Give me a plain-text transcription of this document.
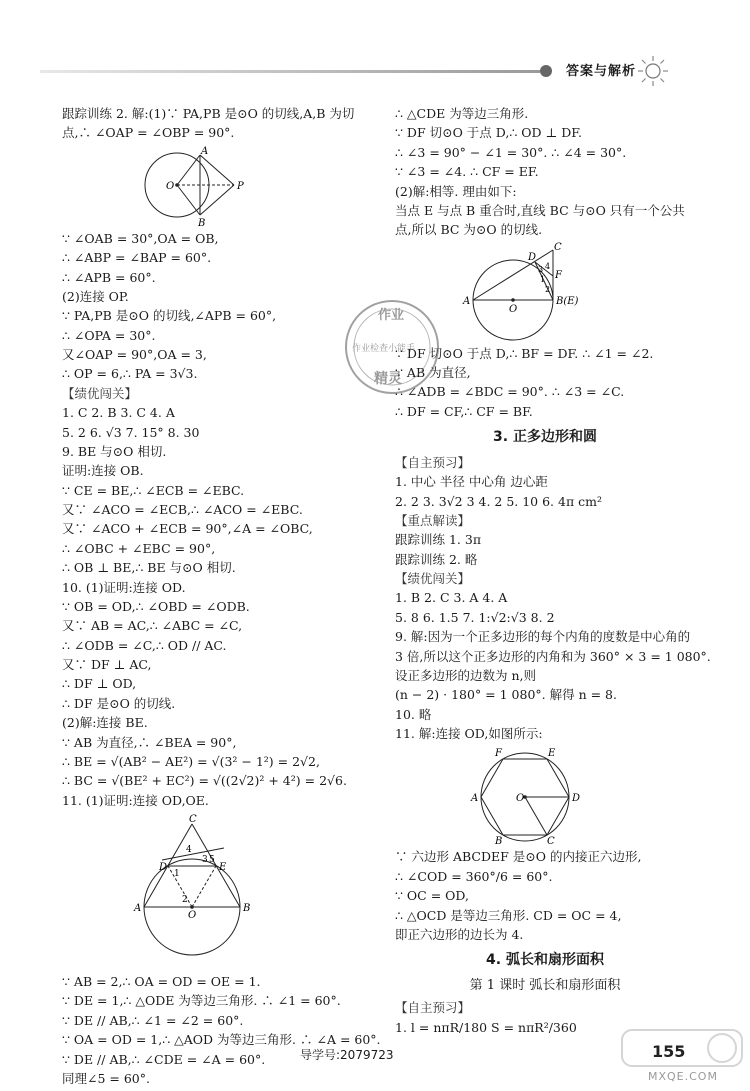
答案与解析
跟踪训练 2. 解:(1)∵ PA,PB 是⊙O 的切线,A,B 为切
点,∴ ∠OAP = ∠OBP = 90°.
A
O	P
B
∵ ∠OAB = 30°,OA = OB,
∴ ∠ABP = ∠BAP = 60°.
∴ ∠APB = 60°.
(2)连接 OP.
∵ PA,PB 是⊙O 的切线,∠APB = 60°,
∴ ∠OPA = 30°.
又∠OAP = 90°,OA = 3,
∴ OP = 6,∴ PA = 3√3.
【绩优闯关】
1. C 2. B 3. C 4. A
5. 2 6. √3 7. 15° 8. 30
9. BE 与⊙O 相切.
证明:连接 OB.
∵ CE = BE,∴ ∠ECB = ∠EBC.
又∵ ∠ACO = ∠ECB,∴ ∠ACO = ∠EBC.
又∵ ∠ACO + ∠ECB = 90°,∠A = ∠OBC,
∴ ∠OBC + ∠EBC = 90°,
∴ OB ⊥ BE,∴ BE 与⊙O 相切.
10. (1)证明:连接 OD.
∵ OB = OD,∴ ∠OBD = ∠ODB.
又∵ AB = AC,∴ ∠ABC = ∠C,
∴ ∠ODB = ∠C,∴ OD // AC.
又∵ DF ⊥ AC,
∴ DF ⊥ OD,
∴ DF 是⊙O 的切线.
(2)解:连接 BE.
∵ AB 为直径,∴ ∠BEA = 90°,
∴ BE = √(AB² − AE²) = √(3² − 1²) = 2√2,
∴ BC = √(BE² + EC²) = √((2√2)² + 4²) = 2√6.
11. (1)证明:连接 OD,OE.
C
4
D	E
3 5
1
A
2
O
B
∵ AB = 2,∴ OA = OD = OE = 1.
∵ DE = 1,∴ △ODE 为等边三角形. ∴ ∠1 = 60°.
∵ DE // AB,∴ ∠1 = ∠2 = 60°.
∵ OA = OD = 1,∴ △AOD 为等边三角形. ∴ ∠A = 60°.
∵ DE // AB,∴ ∠CDE = ∠A = 60°.
同理∠5 = 60°.
∴ △CDE 为等边三角形.
∵ DF 切⊙O 于点 D,∴ OD ⊥ DF.
∴ ∠3 = 90° − ∠1 = 30°. ∴ ∠4 = 30°.
∵ ∠3 = ∠4. ∴ CF = EF.
(2)解:相等. 理由如下:
当点 E 与点 B 重合时,直线 BC 与⊙O 只有一个公共
点,所以 BC 为⊙O 的切线.
C
F
3 4
2
1
A
O
B(E)
D
∵ DF 切⊙O 于点 D,∴ BF = DF. ∴ ∠1 = ∠2.
∵ AB 为直径,
∴ ∠ADB = ∠BDC = 90°. ∴ ∠3 = ∠C.
∴ DF = CF,∴ CF = BF.
3. 正多边形和圆
【自主预习】
1. 中心 半径 中心角 边心距
2. 2 3. 3√2 3 4. 2 5. 10 6. 4π cm²
【重点解读】
跟踪训练 1. 3π
跟踪训练 2. 略
【绩优闯关】
1. B 2. C 3. A 4. A
5. 8 6. 1.5 7. 1:√2:√3 8. 2
9. 解:因为一个正多边形的每个内角的度数是中心角的
3 倍,所以这个正多边形的内角和为 360° × 3 = 1 080°.
设正多边形的边数为 n,则
(n − 2) · 180° = 1 080°. 解得 n = 8.
10. 略
11. 解:连接 OD,如图所示:
F	E
A	O	D
B	C
∵ 六边形 ABCDEF 是⊙O 的内接正六边形,
∴ ∠COD = 360°/6 = 60°.
∵ OC = OD,
∴ △OCD 是等边三角形. CD = OC = 4,
即正六边形的边长为 4.
4. 弧长和扇形面积
第 1 课时 弧长和扇形面积
【自主预习】
1. l = nπR/180 S = nπR²/360
作业
作业检查小能手
精灵
导学号:2079723	155
MXQE.COM
